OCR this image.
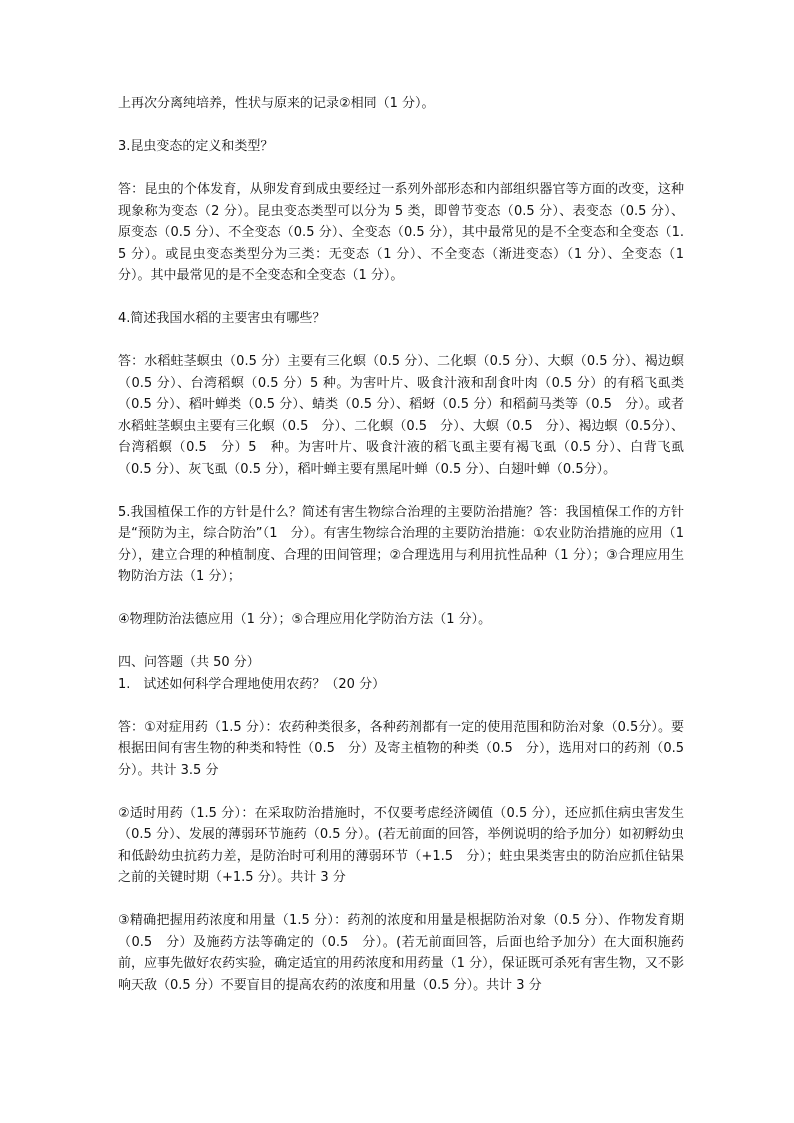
上再次分离纯培养，性状与原来的记录②相同（1 分）。

3.昆虫变态的定义和类型？

答：昆虫的个体发育，从卵发育到成虫要经过一系列外部形态和内部组织器官等方面的改变，这种现象称为变态（2 分）。昆虫变态类型可以分为 5 类，即曾节变态（0.5 分）、表变态（0.5 分）、原变态（0.5 分）、不全变态（0.5 分）、全变态（0.5 分），其中最常见的是不全变态和全变态（1.5 分）。或昆虫变态类型分为三类：无变态（1 分）、不全变态（渐进变态）（1 分）、全变态（1 分）。其中最常见的是不全变态和全变态（1 分）。

4.简述我国水稻的主要害虫有哪些？

答：水稻蛀茎螟虫（0.5 分）主要有三化螟（0.5 分）、二化螟（0.5 分）、大螟（0.5 分）、褐边螟（0.5 分）、台湾稻螟（0.5 分）5 种。为害叶片、吸食汁液和刮食叶肉（0.5 分）的有稻飞虱类（0.5 分）、稻叶蝉类（0.5 分）、蜻类（0.5 分）、稻蚜（0.5 分）和稻蓟马类等（0.5　分）。或者水稻蛀茎螟虫主要有三化螟（0.5　分）、二化螟（0.5　分）、大螟（0.5　分）、褐边螟（0.5分）、台湾稻螟（0.5　分）5　种。为害叶片、吸食汁液的稻飞虱主要有褐飞虱（0.5 分）、白背飞虱（0.5 分）、灰飞虱（0.5 分），稻叶蝉主要有黑尾叶蝉（0.5 分）、白翅叶蝉（0.5分）。

5.我国植保工作的方针是什么？简述有害生物综合治理的主要防治措施？答：我国植保工作的方针是“预防为主，综合防治”（1　分）。有害生物综合治理的主要防治措施：①农业防治措施的应用（1 分），建立合理的种植制度、合理的田间管理；②合理选用与利用抗性品种（1 分）；③合理应用生物防治方法（1 分）；

④物理防治法德应用（1 分）；⑤合理应用化学防治方法（1 分）。

四、问答题（共 50 分）

1.　试述如何科学合理地使用农药？（20 分）

答：①对症用药（1.5 分）：农药种类很多，各种药剂都有一定的使用范围和防治对象（0.5分）。要根据田间有害生物的种类和特性（0.5　分）及寄主植物的种类（0.5　分），选用对口的药剂（0.5 分）。共计 3.5 分

②适时用药（1.5 分）：在采取防治措施时，不仅要考虑经济阈值（0.5 分），还应抓住病虫害发生（0.5 分）、发展的薄弱环节施药（0.5 分）。(若无前面的回答，举例说明的给予加分）如初孵幼虫和低龄幼虫抗药力差，是防治时可利用的薄弱环节（+1.5　分）；蛀虫果类害虫的防治应抓住钻果之前的关键时期（+1.5 分）。共计 3 分

③精确把握用药浓度和用量（1.5 分）：药剂的浓度和用量是根据防治对象（0.5 分）、作物发育期（0.5　分）及施药方法等确定的（0.5　分）。(若无前面回答，后面也给予加分）在大面积施药前，应事先做好农药实验，确定适宜的用药浓度和用药量（1 分），保证既可杀死有害生物，又不影响天敌（0.5 分）不要盲目的提高农药的浓度和用量（0.5 分）。共计 3 分
